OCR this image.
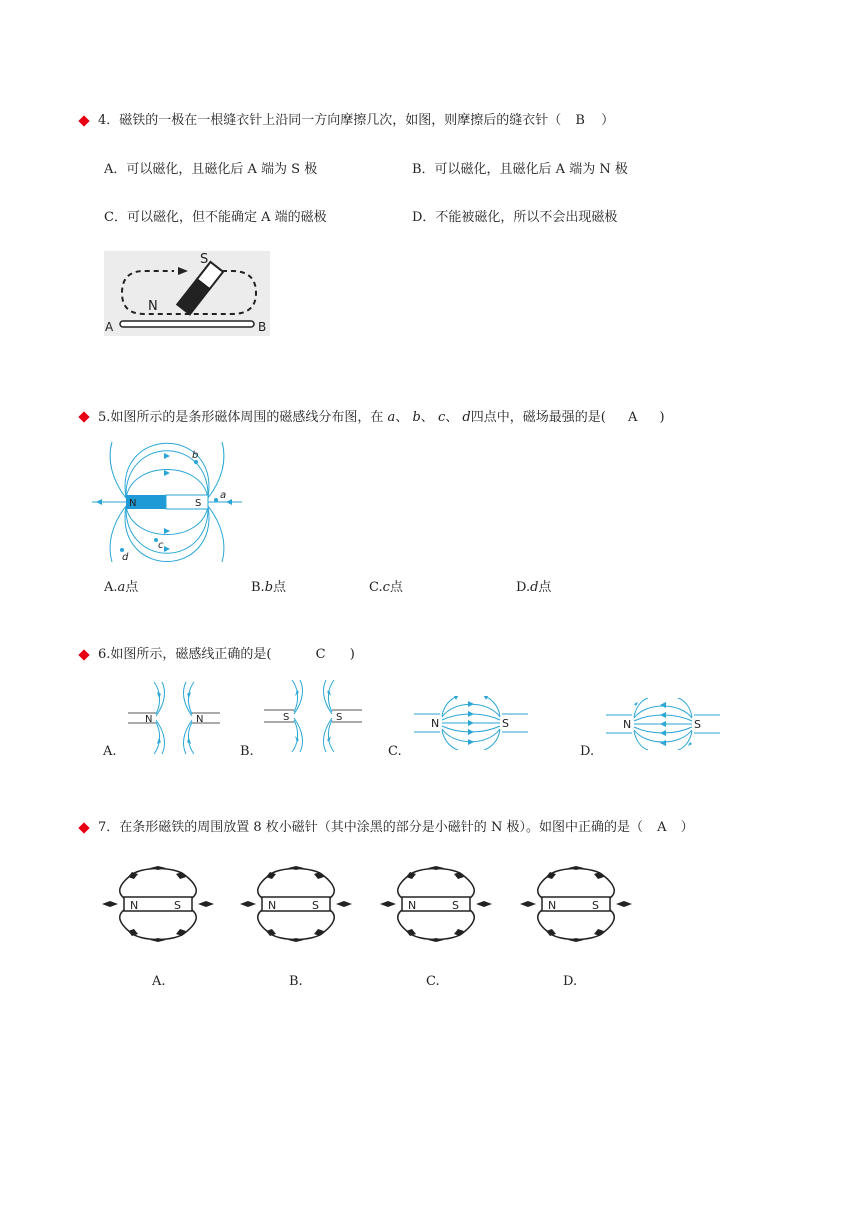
4．磁铁的一极在一根缝衣针上沿同一方向摩擦几次，如图，则摩擦后的缝衣针（ B ）
A．可以磁化，且磁化后 A 端为 S 极	B．可以磁化，且磁化后 A 端为 N 极
C．可以磁化，但不能确定 A 端的磁极	D．不能被磁化，所以不会出现磁极
S
N
A	B
5.如图所示的是条形磁体周围的磁感线分布图，在 a、 b、 c、 d四点中，磁场最强的是( A )
N	S
a
b
c
d
A.a点	B.b点	C.c点	D.d点
6.如图所示，磁感线正确的是(	C )
N	N
A.
S	S
B.
N	S
C.
N	S
D.
7．在条形磁铁的周围放置 8 枚小磁针（其中涂黑的部分是小磁针的 N 极）。如图中正确的是（ A ）
N	S
A.
N	S
B.
N	S
C.
N	S
D.
